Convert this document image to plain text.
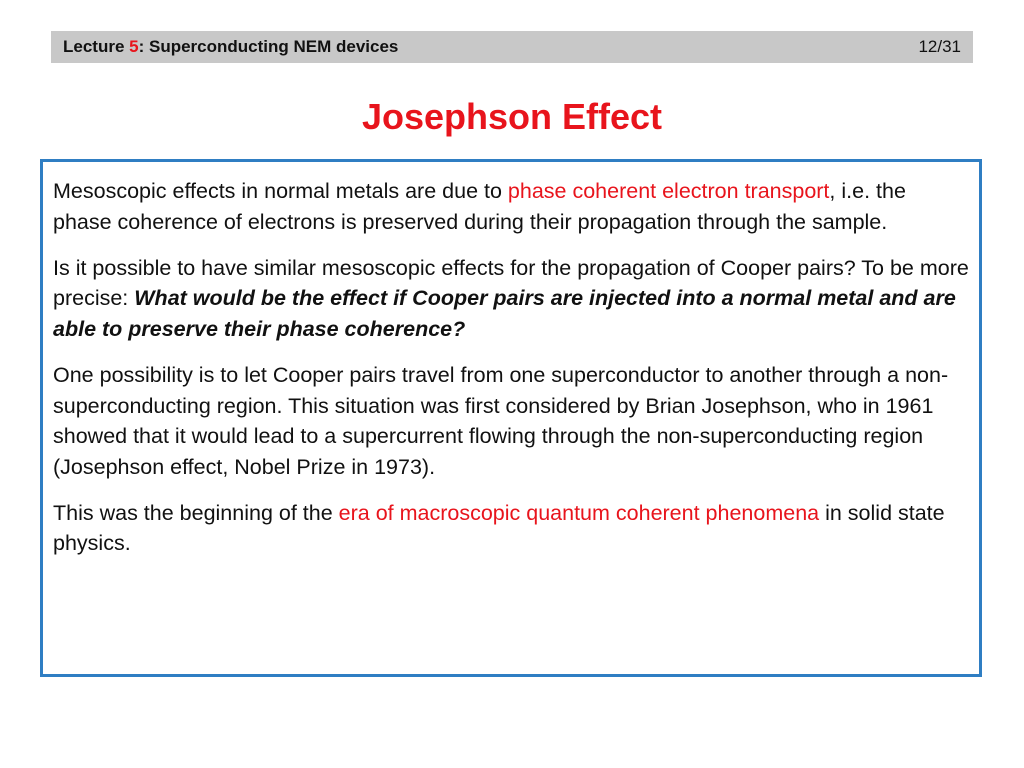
Lecture 5: Superconducting NEM devices	12/31
Josephson Effect

Mesoscopic effects in normal metals are due to phase coherent electron transport, i.e. the phase coherence of electrons is preserved during their propagation through the sample.

Is it possible to have similar mesoscopic effects for the propagation of Cooper pairs? To be more precise: What would be the effect if Cooper pairs are injected into a normal metal and are able to preserve their phase coherence?

One possibility is to let Cooper pairs travel from one superconductor to another through a non-superconducting region. This situation was first considered by Brian Josephson, who in 1961 showed that it would lead to a supercurrent flowing through the non-superconducting region (Josephson effect, Nobel Prize in 1973).

This was the beginning of the era of macroscopic quantum coherent phenomena in solid state physics.
